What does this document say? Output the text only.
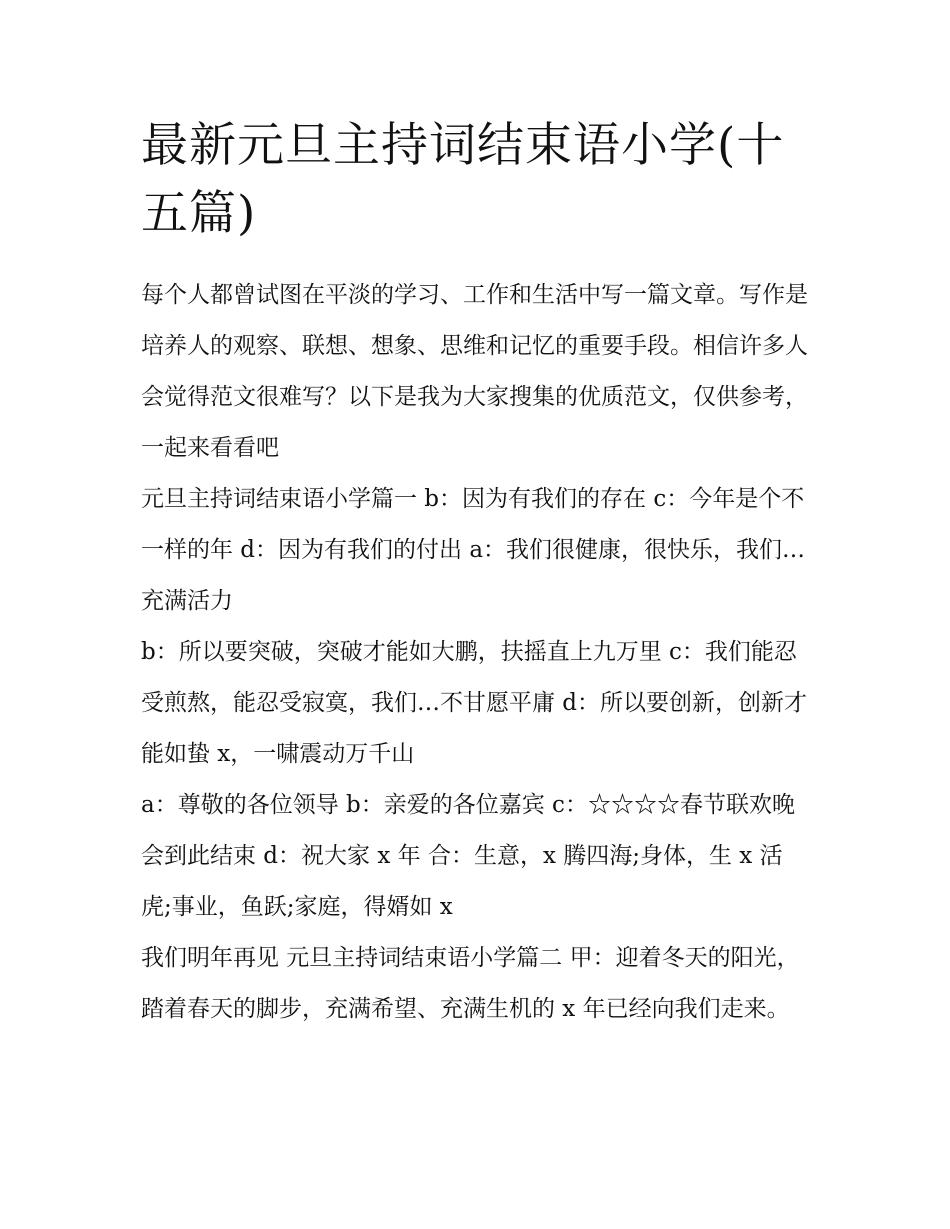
最新元旦主持词结束语小学(十五篇)

每个人都曾试图在平淡的学习、工作和生活中写一篇文章。写作是培养人的观察、联想、想象、思维和记忆的重要手段。相信许多人会觉得范文很难写？以下是我为大家搜集的优质范文，仅供参考，一起来看看吧

元旦主持词结束语小学篇一 b：因为有我们的存在 c：今年是个不一样的年 d：因为有我们的付出 a：我们很健康，很快乐，我们…充满活力

b：所以要突破，突破才能如大鹏，扶摇直上九万里 c：我们能忍受煎熬，能忍受寂寞，我们…不甘愿平庸 d：所以要创新，创新才能如蛰 x，一啸震动万千山

a：尊敬的各位领导 b：亲爱的各位嘉宾 c：☆☆☆☆春节联欢晚会到此结束 d：祝大家 x 年 合：生意，x 腾四海;身体，生 x 活虎;事业，鱼跃;家庭，得婿如 x

我们明年再见 元旦主持词结束语小学篇二 甲：迎着冬天的阳光，踏着春天的脚步，充满希望、充满生机的 x 年已经向我们走来。
